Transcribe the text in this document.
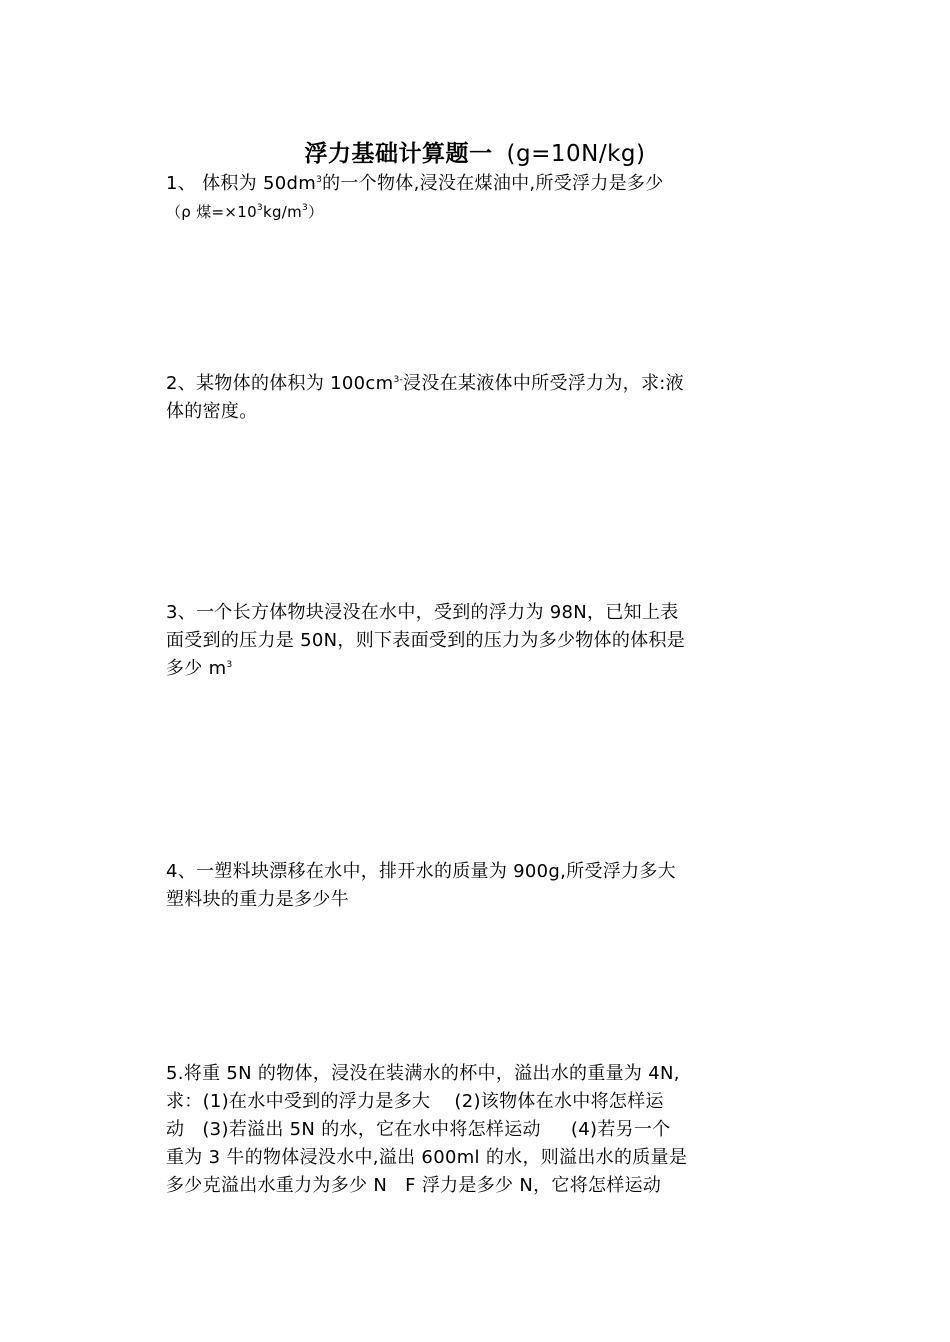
浮力基础计算题一 (g=10N/kg)
1、 体积为 $50dm^3$的一个物体,浸没在煤油中,所受浮力是多少
（ρ 煤$=\times 10^3kg/m^3$）
2、某物体的体积为 $100cm^{3-}$浸没在某液体中所受浮力为，求:液
体的密度。
3、一个长方体物块浸没在水中，受到的浮力为 98N，已知上表
面受到的压力是 50N，则下表面受到的压力为多少物体的体积是
多少 $m^3$
4、一塑料块漂移在水中，排开水的质量为 900g,所受浮力多大
塑料块的重力是多少牛
5.将重 5N 的物体，浸没在装满水的杯中，溢出水的重量为 4N,
求：(1)在水中受到的浮力是多大    (2)该物体在水中将怎样运
动   (3)若溢出 5N 的水，它在水中将怎样运动     (4)若另一个
重为 3 牛的物体浸没水中,溢出 600ml 的水，则溢出水的质量是
多少克溢出水重力为多少 N   F 浮力是多少 N，它将怎样运动
